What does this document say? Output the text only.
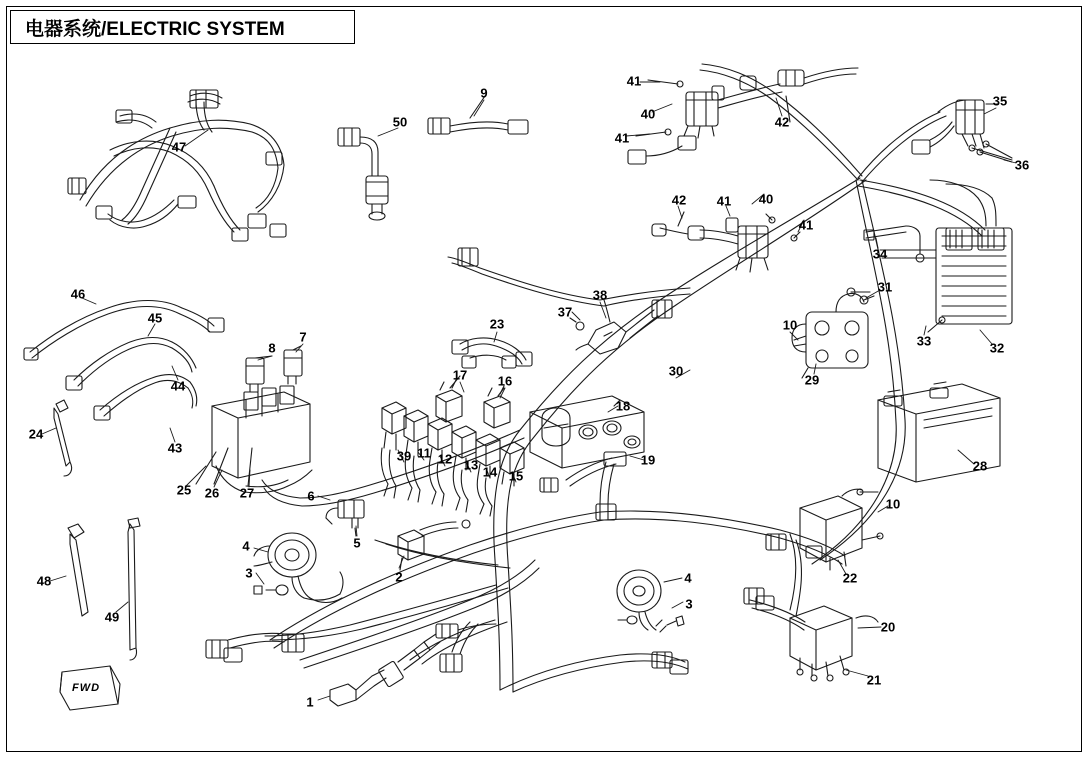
电器系统/ELECTRIC SYSTEM
1
2
3
3
4
4
5
6
7
8
9
10
10
11 12 13 14 15
16
17
18
19
20
21
22
23
24
25 26 27
28
29
30
31
32
33
34
35
36
37
38
39
40
40
41
41
41
41
42
42
43
44
45
46
47
48
49
50
FWD
